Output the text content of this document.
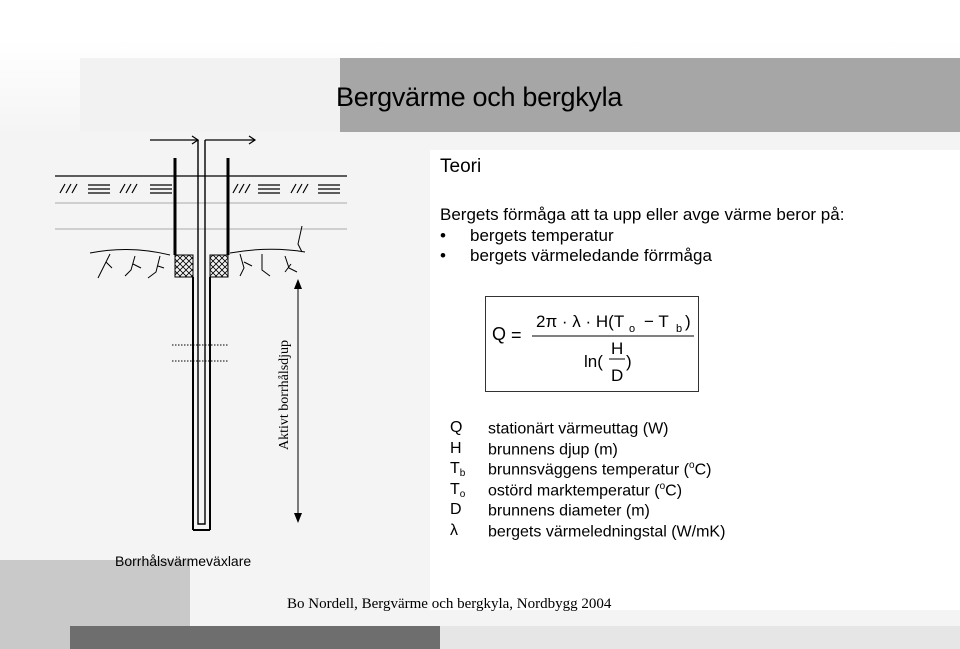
Bergvärme och bergkyla
Aktivt borrhålsdjup
Borrhålsvärmeväxlare
Teori
Bergets förmåga att ta upp eller avge värme beror på:
• bergets temperatur
• bergets värmeledande förrmåga
Q =
2π · λ · H(T o − T b )
ln(
H
D
)
Q	stationärt värmeuttag (W)
H	brunnens djup (m)
$T_b$	brunnsväggens temperatur ($^o$C)
$T_o$	ostörd marktemperatur ($^o$C)
D	brunnens diameter (m)
λ	bergets värmeledningstal (W/mK)
Bo Nordell, Bergvärme och bergkyla, Nordbygg 2004
